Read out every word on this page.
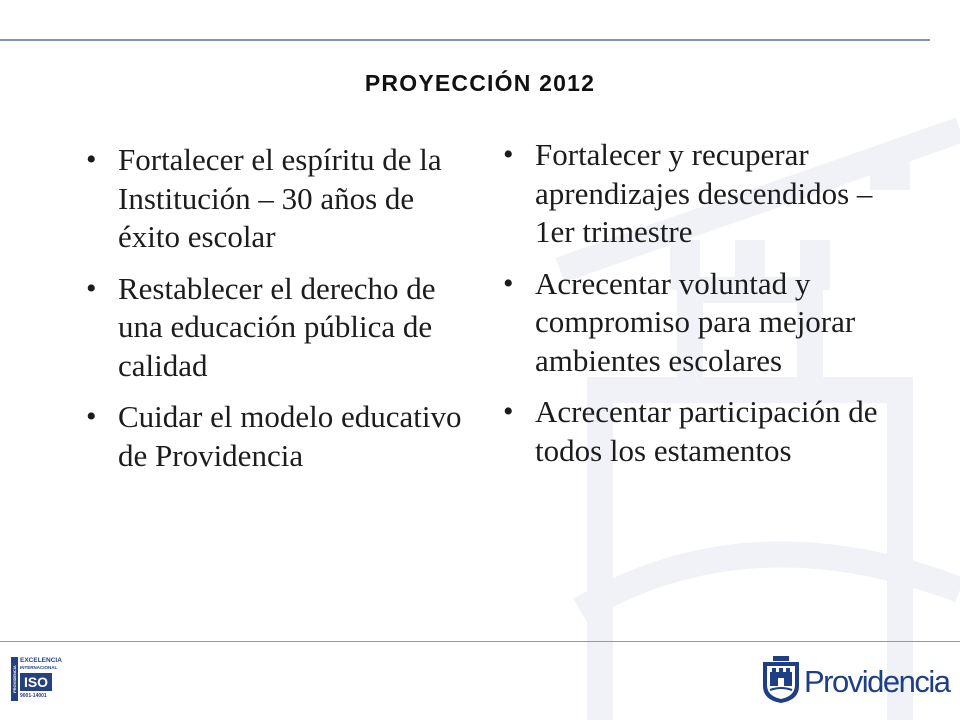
PROYECCIÓN 2012
• Fortalecer el espíritu de la Institución – 30 años de éxito escolar
• Restablecer el derecho de una educación pública de calidad
• Cuidar el modelo educativo de Providencia
• Fortalecer y recuperar aprendizajes descendidos – 1er trimestre
• Acrecentar voluntad y compromiso para mejorar ambientes escolares
• Acrecentar participación de todos los estamentos
PROVIDENCIA
EXCELENCIA
INTERNACIONAL
ISO
9001-14001	Providencia
